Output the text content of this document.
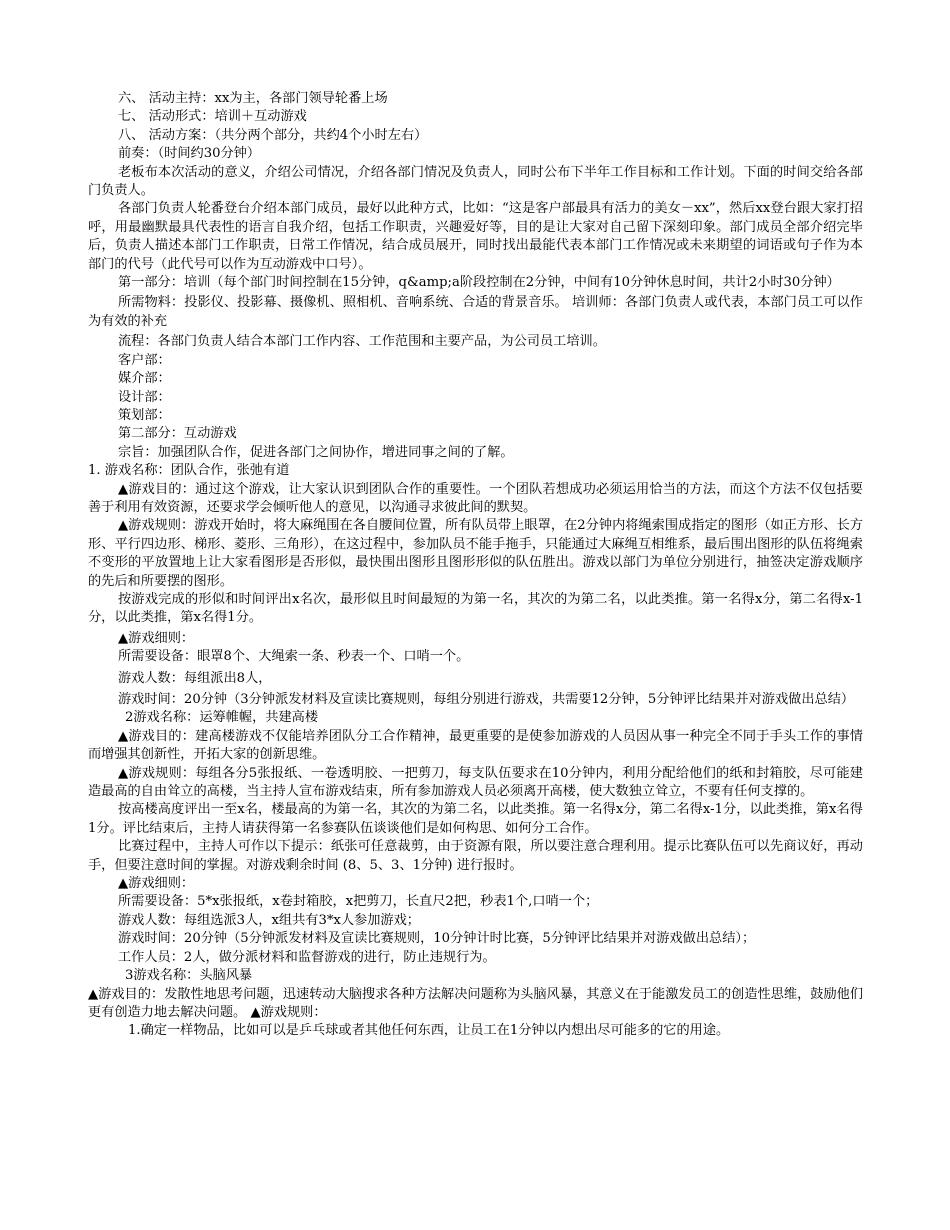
六、 活动主持：xx为主，各部门领导轮番上场

七、 活动形式：培训＋互动游戏

八、 活动方案：（共分两个部分，共约4个小时左右）

前奏：（时间约30分钟）

老板布本次活动的意义，介绍公司情况，介绍各部门情况及负责人，同时公布下半年工作目标和工作计划。下面的时间交给各部门负责人。

各部门负责人轮番登台介绍本部门成员，最好以此种方式，比如：“这是客户部最具有活力的美女－xx”，然后xx登台跟大家打招呼，用最幽默最具代表性的语言自我介绍，包括工作职责，兴趣爱好等，目的是让大家对自己留下深刻印象。部门成员全部介绍完毕后，负责人描述本部门工作职责，日常工作情况，结合成员展开，同时找出最能代表本部门工作情况或未来期望的词语或句子作为本部门的代号（此代号可以作为互动游戏中口号）。

第一部分：培训（每个部门时间控制在15分钟，q&amp;a阶段控制在2分钟，中间有10分钟休息时间，共计2小时30分钟）

所需物料：投影仪、投影幕、摄像机、照相机、音响系统、合适的背景音乐。 培训师：各部门负责人或代表，本部门员工可以作为有效的补充

流程：各部门负责人结合本部门工作内容、工作范围和主要产品，为公司员工培训。

客户部：

媒介部：

设计部：

策划部：

第二部分：互动游戏

宗旨：加强团队合作，促进各部门之间协作，增进同事之间的了解。

1. 游戏名称：团队合作，张弛有道

▲游戏目的：通过这个游戏，让大家认识到团队合作的重要性。一个团队若想成功必须运用恰当的方法，而这个方法不仅包括要善于利用有效资源，还要求学会倾听他人的意见，以沟通寻求彼此间的默契。

▲游戏规则：游戏开始时，将大麻绳围在各自腰间位置，所有队员带上眼罩，在2分钟内将绳索围成指定的图形（如正方形、长方形、平行四边形、梯形、菱形、三角形），在这过程中，参加队员不能手拖手，只能通过大麻绳互相维系，最后围出图形的队伍将绳索不变形的平放置地上让大家看图形是否形似，最快围出图形且图形形似的队伍胜出。游戏以部门为单位分别进行，抽签决定游戏顺序的先后和所要摆的图形。

按游戏完成的形似和时间评出x名次，最形似且时间最短的为第一名，其次的为第二名，以此类推。第一名得x分，第二名得x-1分，以此类推，第x名得1分。

▲游戏细则：

所需要设备：眼罩8个、大绳索一条、秒表一个、口哨一个。

游戏人数：每组派出8人，

游戏时间：20分钟（3分钟派发材料及宣读比赛规则，每组分别进行游戏，共需要12分钟，5分钟评比结果并对游戏做出总结）

2游戏名称：运筹帷幄，共建高楼

▲游戏目的：建高楼游戏不仅能培养团队分工合作精神，最更重要的是使参加游戏的人员因从事一种完全不同于手头工作的事情而增强其创新性，开拓大家的创新思维。

▲游戏规则：每组各分5张报纸、一卷透明胶、一把剪刀，每支队伍要求在10分钟内，利用分配给他们的纸和封箱胶，尽可能建造最高的自由耸立的高楼，当主持人宣布游戏结束，所有参加游戏人员必须离开高楼，使大数独立耸立，不要有任何支撑的。

按高楼高度评出一至x名，楼最高的为第一名，其次的为第二名，以此类推。第一名得x分，第二名得x-1分，以此类推，第x名得1分。评比结束后，主持人请获得第一名参赛队伍谈谈他们是如何构思、如何分工合作。

比赛过程中，主持人可作以下提示：纸张可任意裁剪，由于资源有限，所以要注意合理利用。提示比赛队伍可以先商议好，再动手，但要注意时间的掌握。对游戏剩余时间 (8、5、3、1分钟) 进行报时。

▲游戏细则：

所需要设备：5*x张报纸，x卷封箱胶，x把剪刀，长直尺2把，秒表1个,口哨一个；

游戏人数：每组选派3人，x组共有3*x人参加游戏；

游戏时间：20分钟（5分钟派发材料及宣读比赛规则，10分钟计时比赛，5分钟评比结果并对游戏做出总结）；

工作人员：2人，做分派材料和监督游戏的进行，防止违规行为。

3游戏名称：头脑风暴

▲游戏目的：发散性地思考问题，迅速转动大脑搜求各种方法解决问题称为头脑风暴，其意义在于能激发员工的创造性思维，鼓励他们更有创造力地去解决问题。 ▲游戏规则：

1.确定一样物品，比如可以是乒乓球或者其他任何东西，让员工在1分钟以内想出尽可能多的它的用途。
